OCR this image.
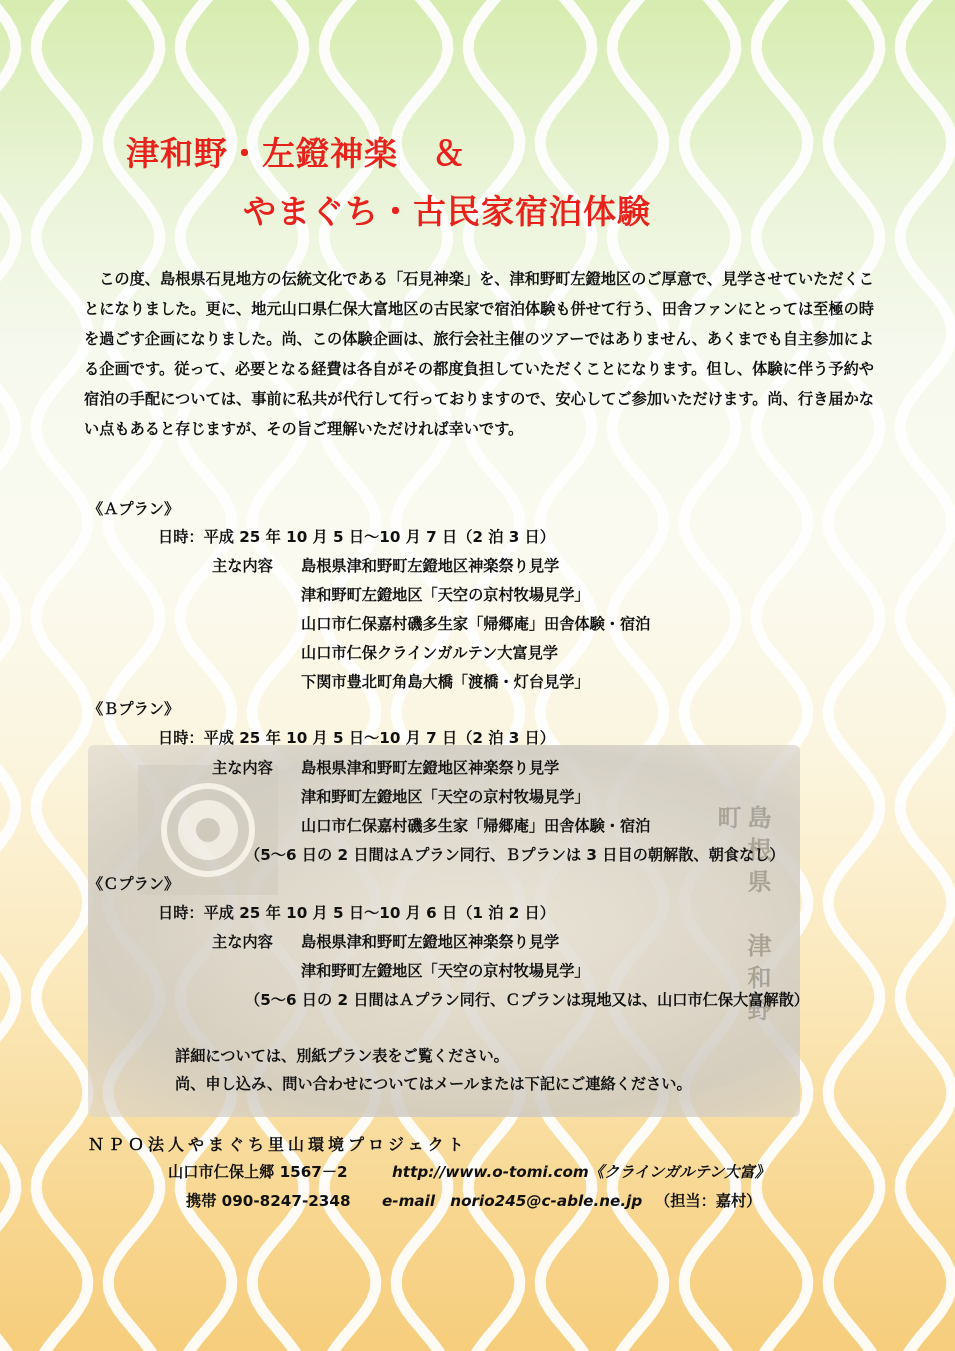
島根県　津和野町
津和野・左鐙神楽　＆
やまぐち・古民家宿泊体験
　この度、島根県石見地方の伝統文化である「石見神楽」を、津和野町左鐙地区のご厚意で、見学させていただくことになりました。更に、地元山口県仁保大富地区の古民家で宿泊体験も併せて行う、田舎ファンにとっては至極の時を過ごす企画になりました。尚、この体験企画は、旅行会社主催のツアーではありません、あくまでも自主参加による企画です。従って、必要となる経費は各自がその都度負担していただくことになります。但し、体験に伴う予約や宿泊の手配については、事前に私共が代行して行っておりますので、安心してご参加いただけます。尚、行き届かない点もあると存じますが、その旨ご理解いただければ幸いです。
《Ａプラン》
日時：平成 25 年 10 月 5 日～10 月 7 日（2 泊 3 日）
主な内容 島根県津和野町左鐙地区神楽祭り見学
津和野町左鐙地区「天空の京村牧場見学」
山口市仁保嘉村磯多生家「帰郷庵」田舎体験・宿泊
山口市仁保クラインガルテン大富見学
下関市豊北町角島大橋「渡橋・灯台見学」
《Ｂプラン》
日時：平成 25 年 10 月 5 日～10 月 7 日（2 泊 3 日）
主な内容 島根県津和野町左鐙地区神楽祭り見学
津和野町左鐙地区「天空の京村牧場見学」
山口市仁保嘉村磯多生家「帰郷庵」田舎体験・宿泊
（5～6 日の 2 日間はＡプラン同行、Ｂプランは 3 日目の朝解散、朝食なし）
《Ｃプラン》
日時：平成 25 年 10 月 5 日～10 月 6 日（1 泊 2 日）
主な内容 島根県津和野町左鐙地区神楽祭り見学
津和野町左鐙地区「天空の京村牧場見学」
（5～6 日の 2 日間はＡプラン同行、Ｃプランは現地又は、山口市仁保大富解散）
詳細については、別紙プラン表をご覧ください。
尚、申し込み、問い合わせについてはメールまたは下記にご連絡ください。
ＮＰＯ法人やまぐち里山環境プロジェクト
山口市仁保上郷 1567－2	http://www.o-tomi.com《クラインガルテン大富》
携帯 090-8247-2348 e-mail　norio245@c-able.ne.jp （担当：嘉村）
